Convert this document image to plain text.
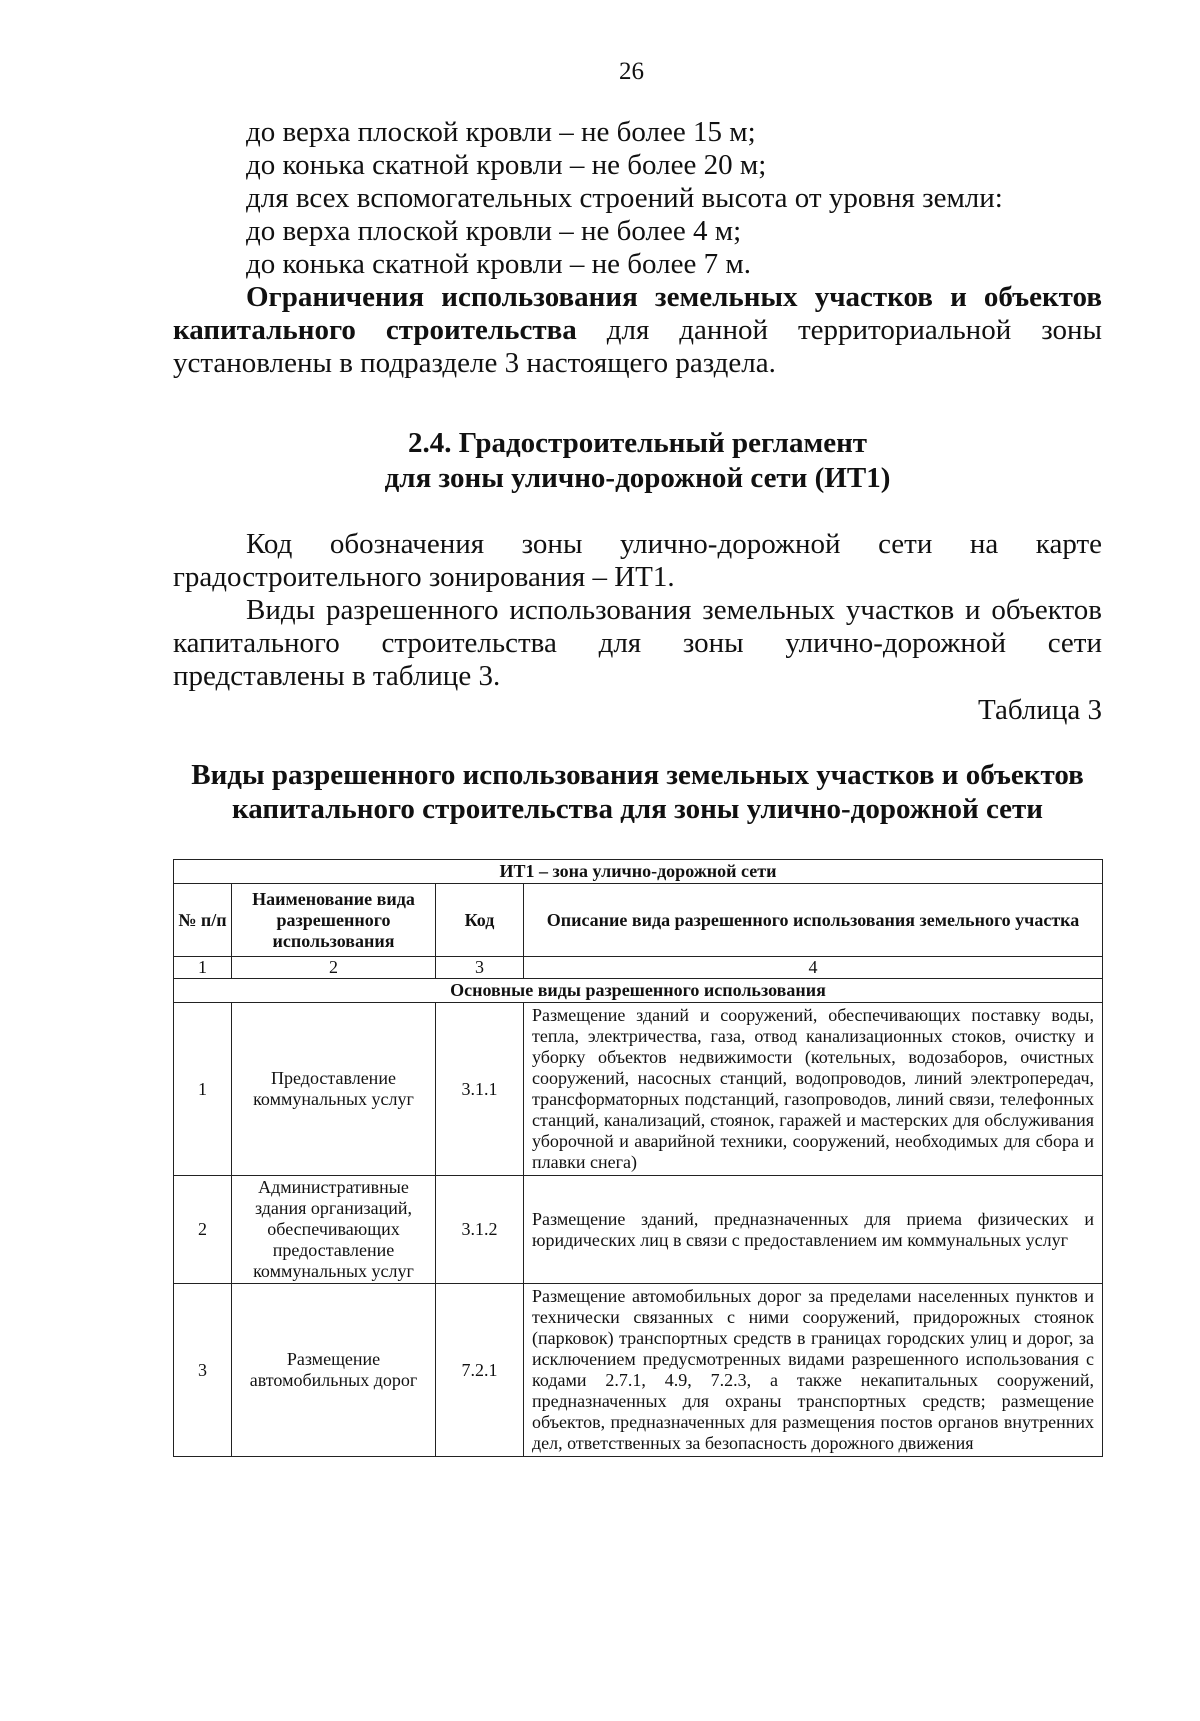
26
до верха плоской кровли – не более 15 м;
до конька скатной кровли – не более 20 м;
для всех вспомогательных строений высота от уровня земли:
до верха плоской кровли – не более 4 м;
до конька скатной кровли – не более 7 м.
Ограничения использования земельных участков и объектов капитального строительства для данной территориальной зоны установлены в подразделе 3 настоящего раздела.
2.4. Градостроительный регламент
для зоны улично-дорожной сети (ИТ1)
Код обозначения зоны улично-дорожной сети на карте градостроительного зонирования – ИТ1.
Виды разрешенного использования земельных участков и объектов капитального строительства для зоны улично-дорожной сети представлены в таблице 3.
Таблица 3
Виды разрешенного использования земельных участков и объектов
капитального строительства для зоны улично-дорожной сети
ИТ1 – зона улично-дорожной сети			
№ п/п	Наименование вида разрешенного использования	Код	Описание вида разрешенного использования земельного участка
1	2	3	4
Основные виды разрешенного использования			
1	Предоставление коммунальных услуг	3.1.1	Размещение зданий и сооружений, обеспечивающих поставку воды, тепла, электричества, газа, отвод канализационных стоков, очистку и уборку объектов недвижимости (котельных, водозаборов, очистных сооружений, насосных станций, водопроводов, линий электропередач, трансформаторных подстанций, газопроводов, линий связи, телефонных станций, канализаций, стоянок, гаражей и мастерских для обслуживания уборочной и аварийной техники, сооружений, необходимых для сбора и плавки снега)
2	Административные здания организаций, обеспечивающих предоставление коммунальных услуг	3.1.2	Размещение зданий, предназначенных для приема физических и юридических лиц в связи с предоставлением им коммунальных услуг
3	Размещение автомобильных дорог	7.2.1	Размещение автомобильных дорог за пределами населенных пунктов и технически связанных с ними сооружений, придорожных стоянок (парковок) транспортных средств в границах городских улиц и дорог, за исключением предусмотренных видами разрешенного использования с кодами 2.7.1, 4.9, 7.2.3, а также некапитальных сооружений, предназначенных для охраны транспортных средств; размещение объектов, предназначенных для размещения постов органов внутренних дел, ответственных за безопасность дорожного движения
